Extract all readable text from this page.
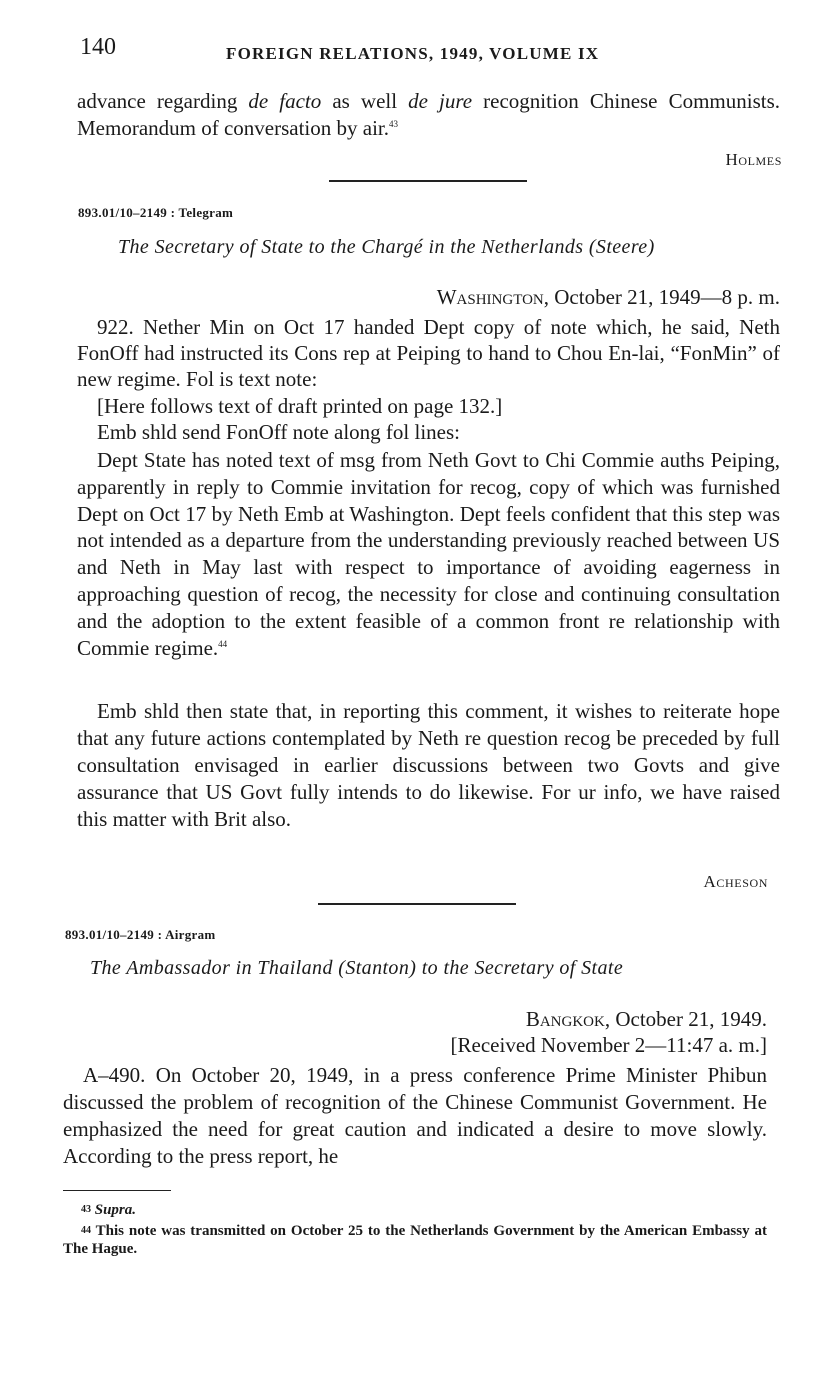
140	FOREIGN RELATIONS, 1949, VOLUME IX

advance regarding de facto as well de jure recognition Chinese Communists. Memorandum of conversation by air.$^{43}$

Holmes
893.01/10–2149 : Telegram
The Secretary of State to the Chargé in the Netherlands (Steere)
Washington, October 21, 1949—8 p. m.

922. Nether Min on Oct 17 handed Dept copy of note which, he said, Neth FonOff had instructed its Cons rep at Peiping to hand to Chou En-lai, “FonMin” of new regime. Fol is text note:

[Here follows text of draft printed on page 132.]

Emb shld send FonOff note along fol lines:

Dept State has noted text of msg from Neth Govt to Chi Commie auths Peiping, apparently in reply to Commie invitation for recog, copy of which was furnished Dept on Oct 17 by Neth Emb at Washington. Dept feels confident that this step was not intended as a departure from the understanding previously reached between US and Neth in May last with respect to importance of avoiding eagerness in approaching question of recog, the necessity for close and continuing consultation and the adoption to the extent feasible of a common front re relationship with Commie regime.$^{44}$

Emb shld then state that, in reporting this comment, it wishes to reiterate hope that any future actions contemplated by Neth re question recog be preceded by full consultation envisaged in earlier discussions between two Govts and give assurance that US Govt fully intends to do likewise. For ur info, we have raised this matter with Brit also.

Acheson
893.01/10–2149 : Airgram
The Ambassador in Thailand (Stanton) to the Secretary of State
Bangkok, October 21, 1949.
[Received November 2—11:47 a. m.]

A–490. On October 20, 1949, in a press conference Prime Minister Phibun discussed the problem of recognition of the Chinese Communist Government. He emphasized the need for great caution and indicated a desire to move slowly. According to the press report, he

$^{43}$ Supra.

$^{44}$ This note was transmitted on October 25 to the Netherlands Government by the American Embassy at The Hague.
